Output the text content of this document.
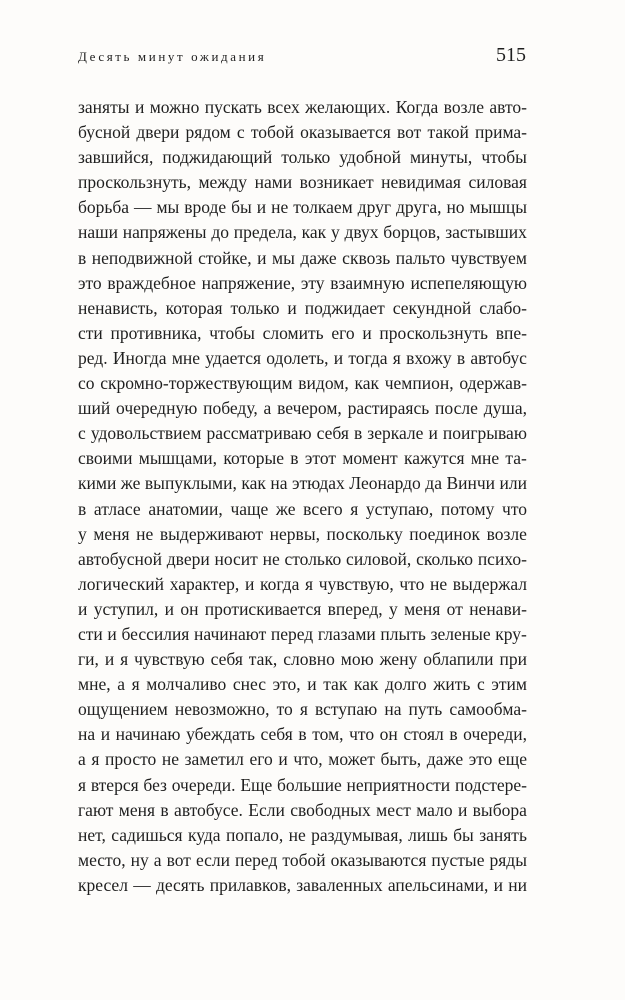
Десять минут ожидания	515
заняты и можно пускать всех желающих. Когда возле авто-
бусной двери рядом с тобой оказывается вот такой прима-
завшийся, поджидающий только удобной минуты, чтобы
проскользнуть, между нами возникает невидимая силовая
борьба — мы вроде бы и не толкаем друг друга, но мышцы
наши напряжены до предела, как у двух борцов, застывших
в неподвижной стойке, и мы даже сквозь пальто чувствуем
это враждебное напряжение, эту взаимную испепеляющую
ненависть, которая только и поджидает секундной слабо-
сти противника, чтобы сломить его и проскользнуть впе-
ред. Иногда мне удается одолеть, и тогда я вхожу в автобус
со скромно-торжествующим видом, как чемпион, одержав-
ший очередную победу, а вечером, растираясь после душа,
с удовольствием рассматриваю себя в зеркале и поигрываю
своими мышцами, которые в этот момент кажутся мне та-
кими же выпуклыми, как на этюдах Леонардо да Винчи или
в атласе анатомии, чаще же всего я уступаю, потому что
у меня не выдерживают нервы, поскольку поединок возле
автобусной двери носит не столько силовой, сколько психо-
логический характер, и когда я чувствую, что не выдержал
и уступил, и он протискивается вперед, у меня от ненави-
сти и бессилия начинают перед глазами плыть зеленые кру-
ги, и я чувствую себя так, словно мою жену облапили при
мне, а я молчаливо снес это, и так как долго жить с этим
ощущением невозможно, то я вступаю на путь самообма-
на и начинаю убеждать себя в том, что он стоял в очереди,
а я просто не заметил его и что, может быть, даже это еще
я втерся без очереди. Еще большие неприятности подстере-
гают меня в автобусе. Если свободных мест мало и выбора
нет, садишься куда попало, не раздумывая, лишь бы занять
место, ну а вот если перед тобой оказываются пустые ряды
кресел — десять прилавков, заваленных апельсинами, и ни
